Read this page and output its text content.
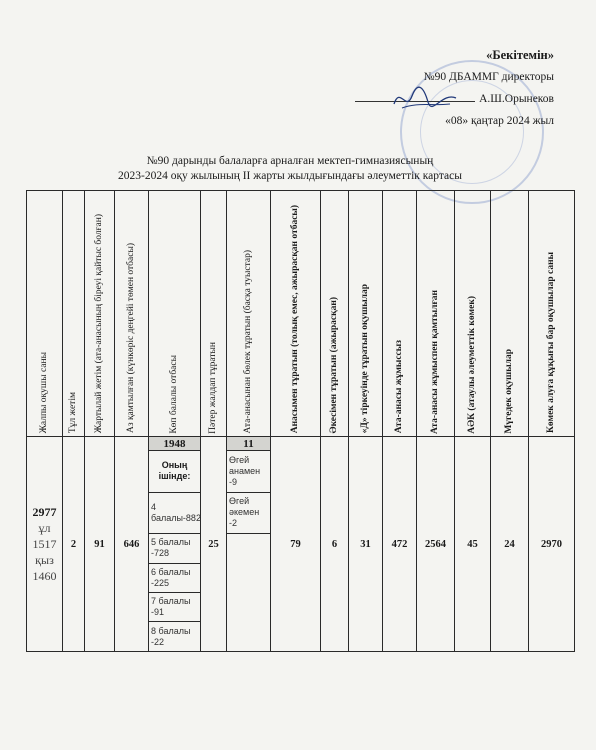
«Бекітемін»
№90 ДБАММГ директоры
А.Ш.Орынеков
«08» қаңтар 2024 жыл
№90 дарынды балаларға арналған мектеп-гимназиясының
2023-2024 оқу жылының ІІ жарты жылдығындағы әлеуметтік картасы
Жалпы оқушы саны	Тұл жетім	Жартылай жетім (ата-анасының біреуі қайтыс болған)	Аз қамтылған (күнкөріс деңгейі төмен отбасы)	Көп балалы отбасы	Пәтер жалдап тұратын	Ата-анасынан бөлек тұратын (басқа туыстар)	Анасымен тұратын (толық емес, ажырасқан отбасы)	Әкесімен тұратын (ажырасқан)	«Д» тіркеуінде тұратын оқушылар	Ата-анасы жұмыссыз	Ата-анасы жұмыспен қамтылған	АӘК (атаулы әлеуметтік көмек)	Мүгедек оқушылар	Көмек алуға құқығы бар оқушылар саны

2977
ұл 1517
қыз 1460	2	91	646	1948	25	11	79	6	31	472	2564	45	24	2970
				Оның ішінде:		Өгей анамен -9								
				4 балалы-882		Өгей әкемен -2								
				5 балалы -728										
				6 балалы -225										
				7 балалы -91										
				8 балалы -22										
